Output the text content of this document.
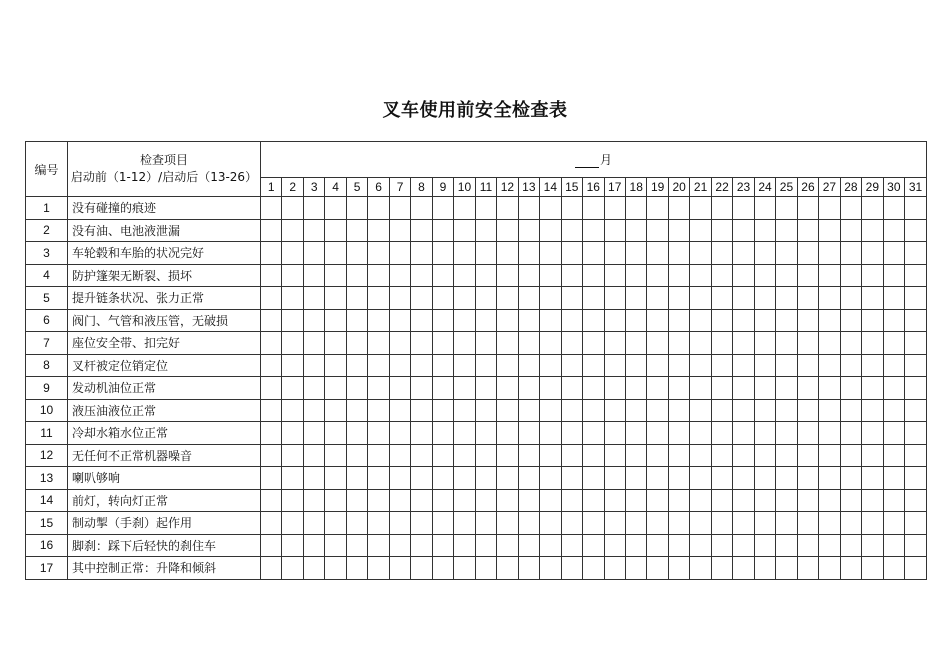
叉车使用前安全检查表
编号	检查项目
启动前（1-12）/启动后（13-26）	月																														
		1	2	3	4	5	6	7	8	9	10	11	12	13	14	15	16	17	18	19	20	21	22	23	24	25	26	27	28	29	30	31
1	没有碰撞的痕迹																															
2	没有油、电池液泄漏																															
3	车轮毂和车胎的状况完好																															
4	防护篷架无断裂、损坏																															
5	提升链条状况、张力正常																															
6	阀门、气管和液压管，无破损																															
7	座位安全带、扣完好																															
8	叉杆被定位销定位																															
9	发动机油位正常																															
10	液压油液位正常																															
11	冷却水箱水位正常																															
12	无任何不正常机器噪音																															
13	喇叭够响																															
14	前灯，转向灯正常																															
15	制动掣（手刹）起作用																															
16	脚刹：踩下后轻快的刹住车																															
17	其中控制正常：升降和倾斜																															
